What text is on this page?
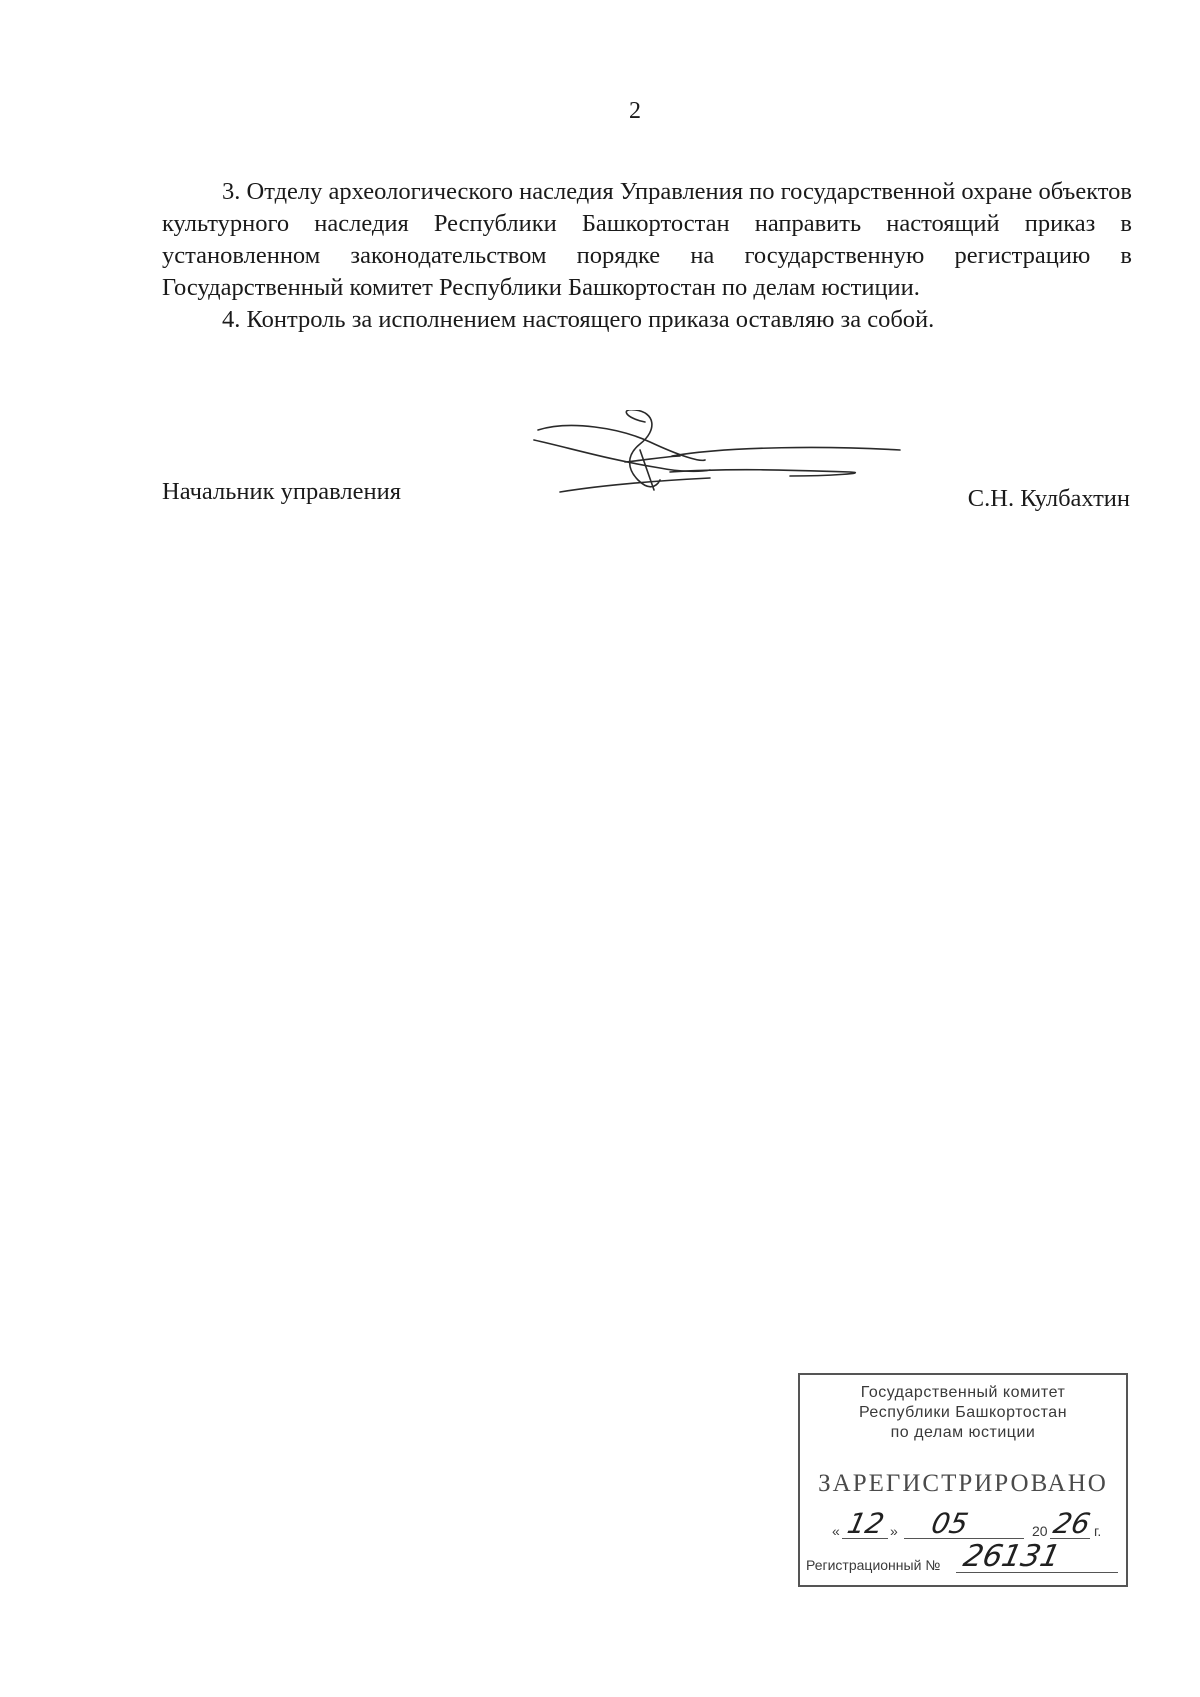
2

3. Отделу археологического наследия Управления по государственной охране объектов культурного наследия Республики Башкортостан направить настоящий приказ в установленном законодательством порядке на государственную регистрацию в Государственный комитет Республики Башкортостан по делам юстиции.

4. Контроль за исполнением настоящего приказа оставляю за собой.

Начальник управления	С.Н. Кулбахтин
Государственный комитет
Республики Башкортостан
по делам юстиции
ЗАРЕГИСТРИРОВАНО
« 12 » 05	20 26 г.
Регистрационный № 26131
